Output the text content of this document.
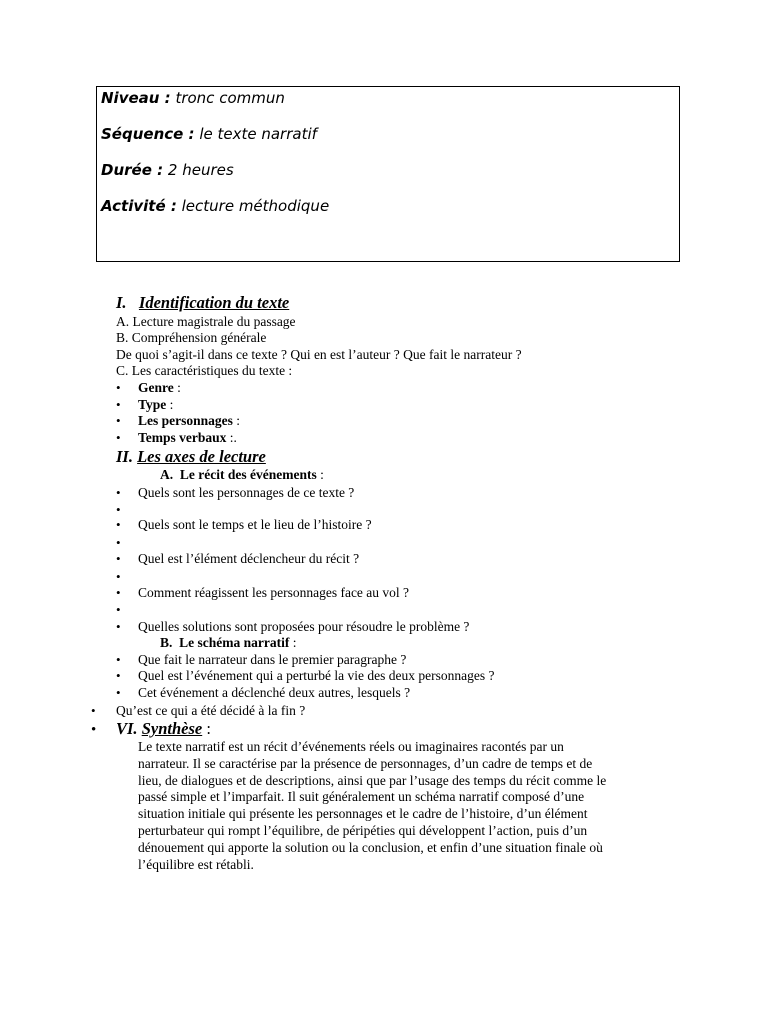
Niveau : tronc commun
Séquence : le texte narratif
Durée : 2 heures
Activité : lecture méthodique
I. Identification du texte
A. Lecture magistrale du passage
B. Compréhension générale
De quoi s’agit-il dans ce texte ? Qui en est l’auteur ? Que fait le narrateur ?
C. Les caractéristiques du texte :
• Genre :
• Type :
• Les personnages :
• Temps verbaux :.
II. Les axes de lecture
A. Le récit des événements :
• Quels sont les personnages de ce texte ?
•
• Quels sont le temps et le lieu de l’histoire ?
•
• Quel est l’élément déclencheur du récit ?
•
• Comment réagissent les personnages face au vol ?
•
• Quelles solutions sont proposées pour résoudre le problème ?
B. Le schéma narratif :
• Que fait le narrateur dans le premier paragraphe ?
• Quel est l’événement qui a perturbé la vie des deux personnages ?
• Cet événement a déclenché deux autres, lesquels ?
• Qu’est ce qui a été décidé à la fin ?
• VI. Synthèse :
Le texte narratif est un récit d’événements réels ou imaginaires racontés par un
narrateur. Il se caractérise par la présence de personnages, d’un cadre de temps et de
lieu, de dialogues et de descriptions, ainsi que par l’usage des temps du récit comme le
passé simple et l’imparfait. Il suit généralement un schéma narratif composé d’une
situation initiale qui présente les personnages et le cadre de l’histoire, d’un élément
perturbateur qui rompt l’équilibre, de péripéties qui développent l’action, puis d’un
dénouement qui apporte la solution ou la conclusion, et enfin d’une situation finale où
l’équilibre est rétabli.
